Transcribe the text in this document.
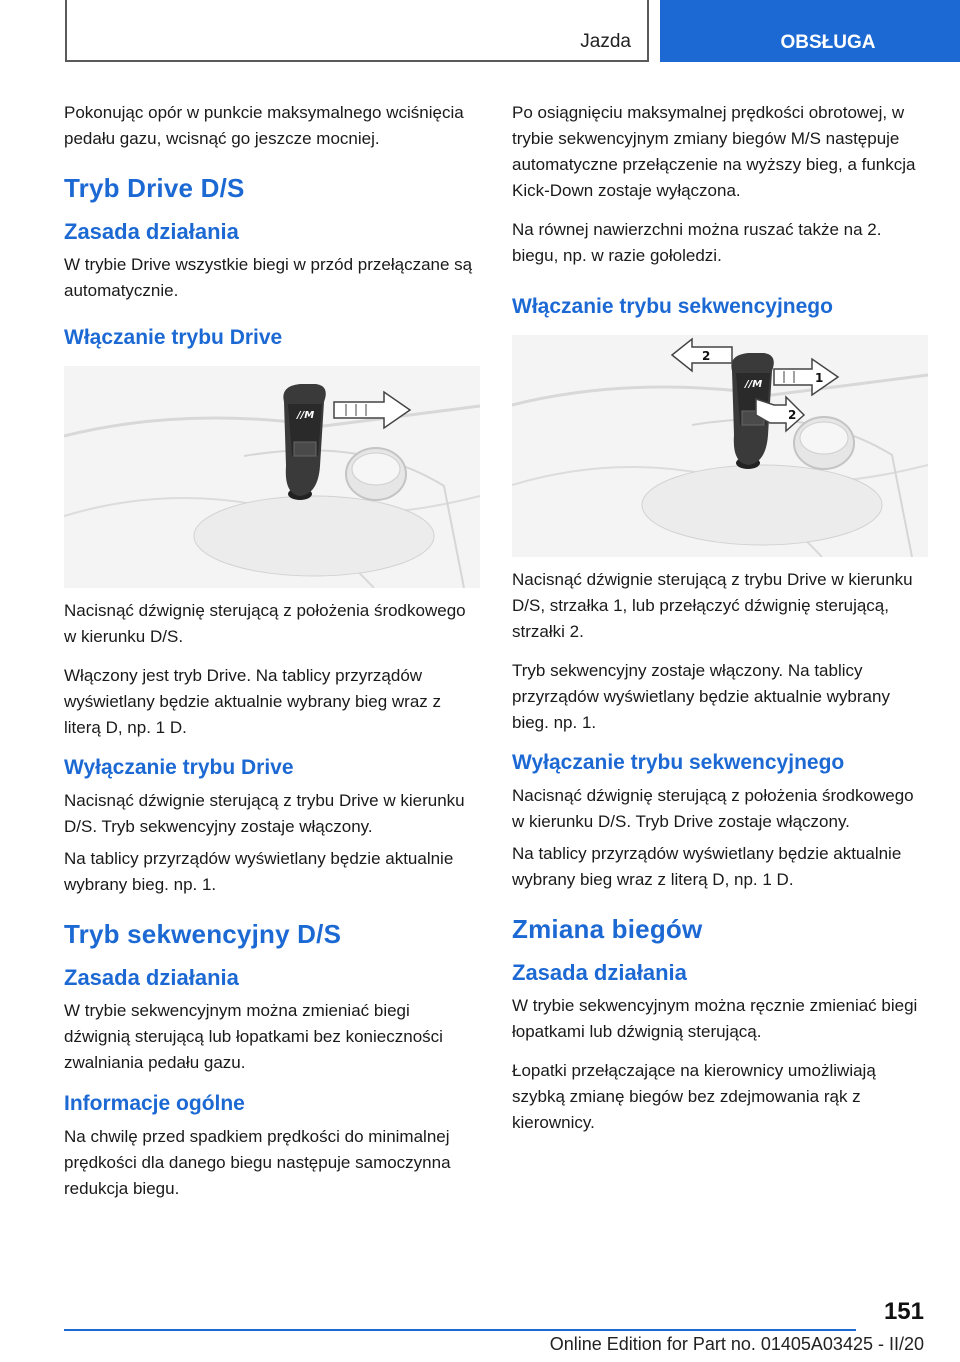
Jazda	OBSŁUGA

Pokonując opór w punkcie maksymalnego wciśnięcia pedału gazu, wcisnąć go jeszcze mocniej.

Tryb Drive D/S
Zasada działania

W trybie Drive wszystkie biegi w przód przełączane są automatycznie.

Włączanie trybu Drive
//M

Nacisnąć dźwignię sterującą z położenia środkowego w kierunku D/S.

Włączony jest tryb Drive. Na tablicy przyrządów wyświetlany będzie aktualnie wybrany bieg wraz z literą D, np. 1 D.

Wyłączanie trybu Drive

Nacisnąć dźwignie sterującą z trybu Drive w kierunku D/S. Tryb sekwencyjny zostaje włączony.

Na tablicy przyrządów wyświetlany będzie aktualnie wybrany bieg. np. 1.

Tryb sekwencyjny D/S
Zasada działania

W trybie sekwencyjnym można zmieniać biegi dźwignią sterującą lub łopatkami bez konieczności zwalniania pedału gazu.

Informacje ogólne

Na chwilę przed spadkiem prędkości do minimalnej prędkości dla danego biegu następuje samoczynna redukcja biegu.

Po osiągnięciu maksymalnej prędkości obrotowej, w trybie sekwencyjnym zmiany biegów M/S następuje automatyczne przełączenie na wyższy bieg, a funkcja Kick-Down zostaje wyłączona.

Na równej nawierzchni można ruszać także na 2. biegu, np. w razie gołoledzi.

Włączanie trybu sekwencyjnego
//M
2
1
2

Nacisnąć dźwignie sterującą z trybu Drive w kierunku D/S, strzałka 1, lub przełączyć dźwignię sterującą, strzałki 2.

Tryb sekwencyjny zostaje włączony. Na tablicy przyrządów wyświetlany będzie aktualnie wybrany bieg. np. 1.

Wyłączanie trybu sekwencyjnego

Nacisnąć dźwignię sterującą z położenia środkowego w kierunku D/S. Tryb Drive zostaje włączony.

Na tablicy przyrządów wyświetlany będzie aktualnie wybrany bieg wraz z literą D, np. 1 D.

Zmiana biegów
Zasada działania

W trybie sekwencyjnym można ręcznie zmieniać biegi łopatkami lub dźwignią sterującą.

Łopatki przełączające na kierownicy umożliwiają szybką zmianę biegów bez zdejmowania rąk z kierownicy.

151
Online Edition for Part no. 01405A03425 - II/20
